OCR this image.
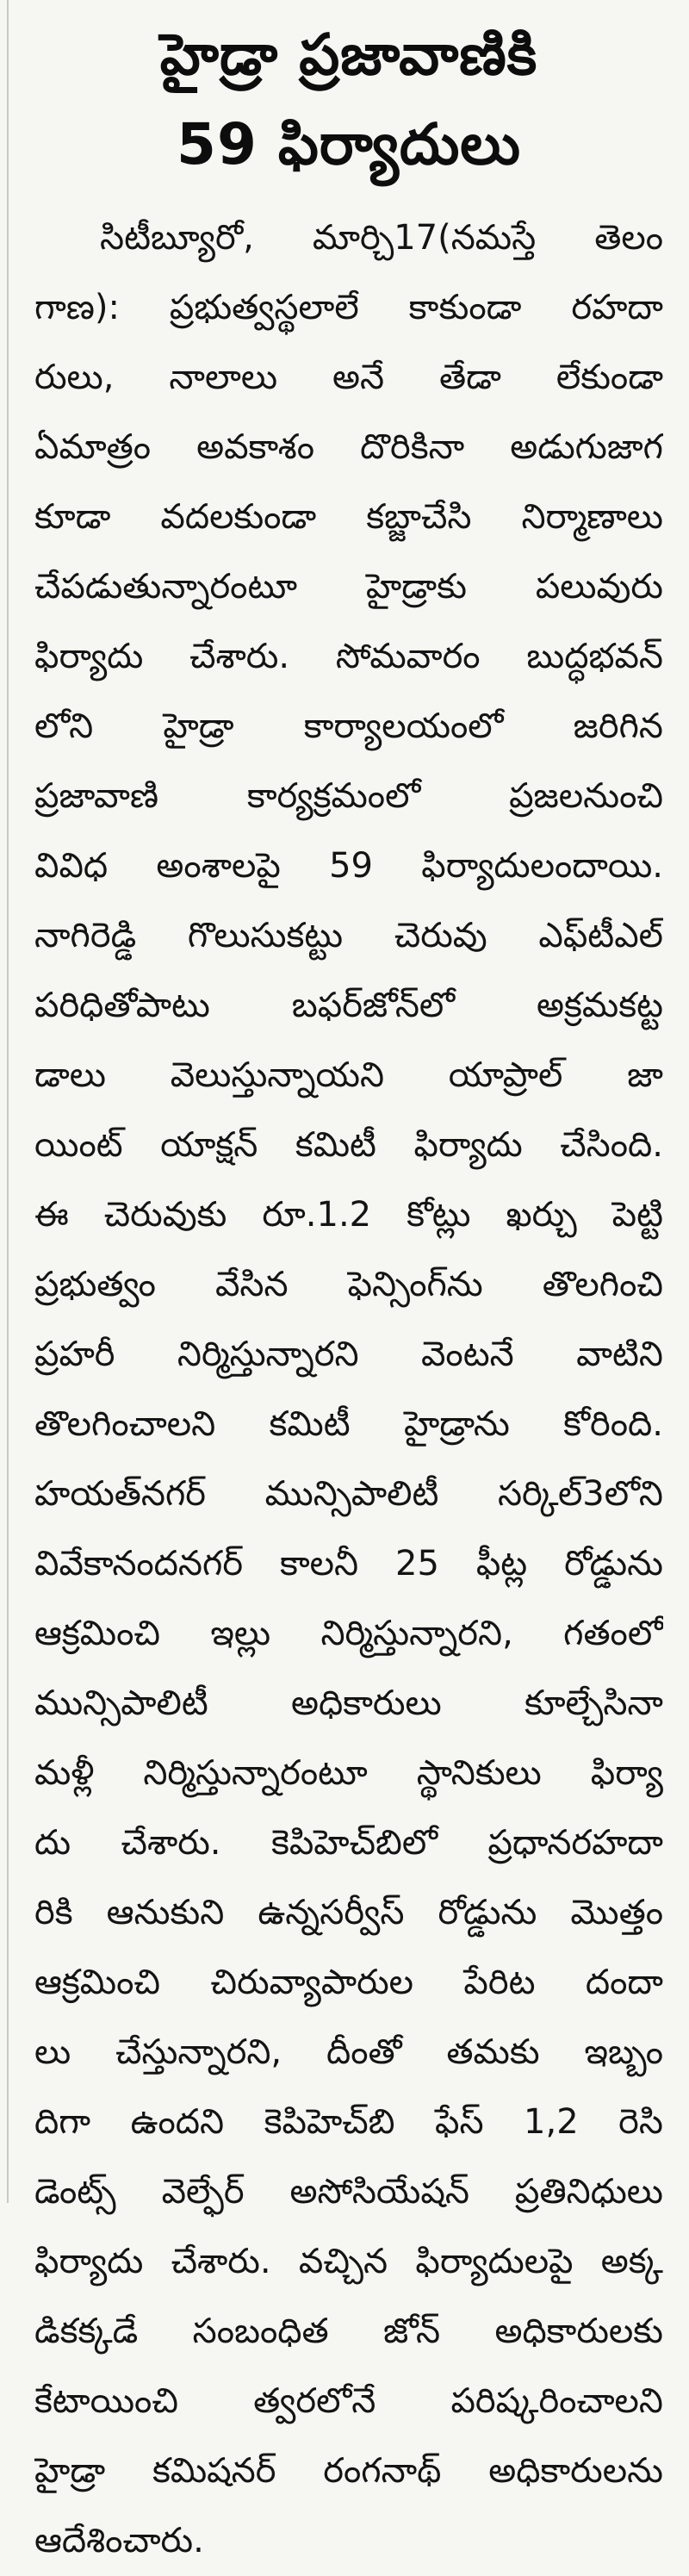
హైడ్రా ప్రజావాణికి
59 ఫిర్యాదులు
సిటీబ్యూరో, మార్చి17(నమస్తే తెలం
గాణ): ప్రభుత్వస్థలాలే కాకుండా రహదా
రులు, నాలాలు అనే తేడా లేకుండా
ఏమాత్రం అవకాశం దొరికినా అడుగుజాగ
కూడా వదలకుండా కబ్జాచేసి నిర్మాణాలు
చేపడుతున్నారంటూ హైడ్రాకు పలువురు
ఫిర్యాదు చేశారు. సోమవారం బుద్ధభవన్
లోని హైడ్రా కార్యాలయంలో జరిగిన
ప్రజావాణి కార్యక్రమంలో ప్రజలనుంచి
వివిధ అంశాలపై 59 ఫిర్యాదులందాయి.
నాగిరెడ్డి గొలుసుకట్టు చెరువు ఎఫ్‌టీఎల్
పరిధితోపాటు బఫర్‌జోన్‌లో అక్రమకట్ట
డాలు వెలుస్తున్నాయని యాప్రాల్ జా
యింట్ యాక్షన్ కమిటీ ఫిర్యాదు చేసింది.
ఈ చెరువుకు రూ.1.2 కోట్లు ఖర్చు పెట్టి
ప్రభుత్వం వేసిన ఫెన్సింగ్‌ను తొలగించి
ప్రహరీ నిర్మిస్తున్నారని వెంటనే వాటిని
తొలగించాలని కమిటీ హైడ్రాను కోరింది.
హయత్‌నగర్ మున్సిపాలిటీ సర్కిల్3లోని
వివేకానందనగర్ కాలనీ 25 ఫీట్ల రోడ్డును
ఆక్రమించి ఇల్లు నిర్మిస్తున్నారని, గతంలో
మున్సిపాలిటీ అధికారులు కూల్చేసినా
మళ్లీ నిర్మిస్తున్నారంటూ స్థానికులు ఫిర్యా
దు చేశారు. కెపిహెచ్‌బిలో ప్రధానరహదా
రికి ఆనుకుని ఉన్నసర్వీస్ రోడ్డును మొత్తం
ఆక్రమించి చిరువ్యాపారుల పేరిట దందా
లు చేస్తున్నారని, దీంతో తమకు ఇబ్బం
దిగా ఉందని కెపిహెచ్‌బి ఫేస్ 1,2 రెసి
డెంట్స్ వెల్ఫేర్ అసోసియేషన్ ప్రతినిధులు
ఫిర్యాదు చేశారు. వచ్చిన ఫిర్యాదులపై అక్క
డికక్కడే సంబంధిత జోన్ అధికారులకు
కేటాయించి త్వరలోనే పరిష్కరించాలని
హైడ్రా కమిషనర్ రంగనాథ్ అధికారులను
ఆదేశించారు.
